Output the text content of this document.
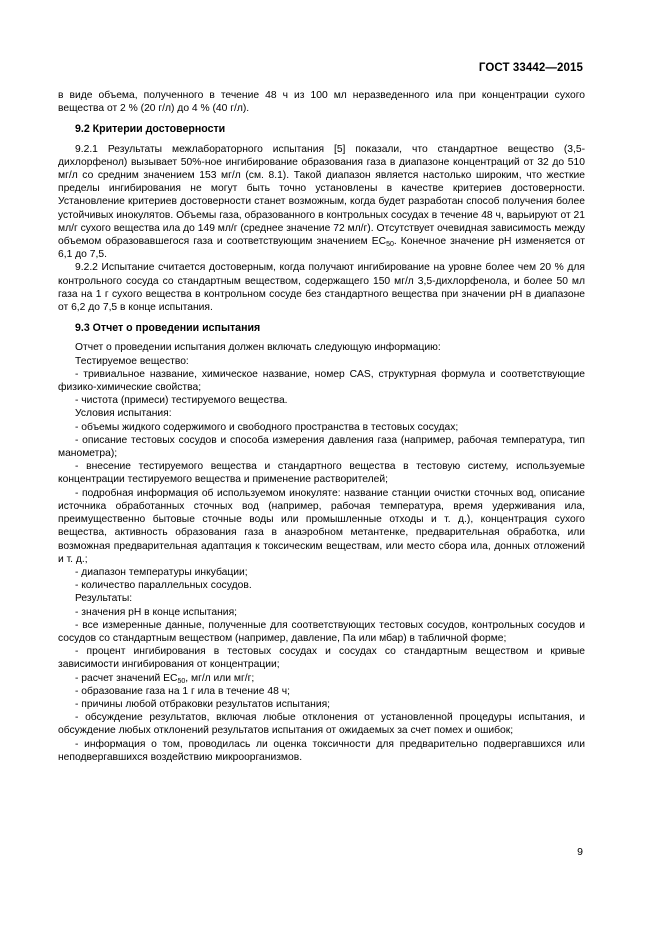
ГОСТ 33442—2015

в виде объема, полученного в течение 48 ч из 100 мл неразведенного ила при концентрации сухого вещества от 2 % (20 г/л) до 4 % (40 г/л).

9.2 Критерии достоверности

9.2.1 Результаты межлабораторного испытания [5] показали, что стандартное вещество (3,5-дихлорфенол) вызывает 50%-ное ингибирование образования газа в диапазоне концентраций от 32 до 510 мг/л со средним значением 153 мг/л (см. 8.1). Такой диапазон является настолько широким, что жесткие пределы ингибирования не могут быть точно установлены в качестве критериев достоверности. Установление критериев достоверности станет возможным, когда будет разработан способ получения более устойчивых инокулятов. Объемы газа, образованного в контрольных сосудах в течение 48 ч, варьируют от 21 мл/г сухого вещества ила до 149 мл/г (среднее значение 72 мл/г). Отсутствует очевидная зависимость между объемом образовавшегося газа и соответствующим значением $EC_{50}$. Конечное значение pH изменяется от 6,1 до 7,5.

9.2.2 Испытание считается достоверным, когда получают ингибирование на уровне более чем 20 % для контрольного сосуда со стандартным веществом, содержащего 150 мг/л 3,5-дихлорфенола, и более 50 мл газа на 1 г сухого вещества в контрольном сосуде без стандартного вещества при значении pH в диапазоне от 6,2 до 7,5 в конце испытания.

9.3 Отчет о проведении испытания

Отчет о проведении испытания должен включать следующую информацию:

Тестируемое вещество:

- тривиальное название, химическое название, номер CAS, структурная формула и соответствующие физико-химические свойства;

- чистота (примеси) тестируемого вещества.

Условия испытания:

- объемы жидкого содержимого и свободного пространства в тестовых сосудах;

- описание тестовых сосудов и способа измерения давления газа (например, рабочая температура, тип манометра);

- внесение тестируемого вещества и стандартного вещества в тестовую систему, используемые концентрации тестируемого вещества и применение растворителей;

- подробная информация об используемом инокуляте: название станции очистки сточных вод, описание источника обработанных сточных вод (например, рабочая температура, время удерживания ила, преимущественно бытовые сточные воды или промышленные отходы и т. д.), концентрация сухого вещества, активность образования газа в анаэробном метантенке, предварительная обработка, или возможная предварительная адаптация к токсическим веществам, или место сбора ила, донных отложений и т. д.;

- диапазон температуры инкубации;

- количество параллельных сосудов.

Результаты:

- значения pH в конце испытания;

- все измеренные данные, полученные для соответствующих тестовых сосудов, контрольных сосудов и сосудов со стандартным веществом (например, давление, Па или мбар) в табличной форме;

- процент ингибирования в тестовых сосудах и сосудах со стандартным веществом и кривые зависимости ингибирования от концентрации;

- расчет значений $EC_{50}$, мг/л или мг/г;

- образование газа на 1 г ила в течение 48 ч;

- причины любой отбраковки результатов испытания;

- обсуждение результатов, включая любые отклонения от установленной процедуры испытания, и обсуждение любых отклонений результатов испытания от ожидаемых за счет помех и ошибок;

- информация о том, проводилась ли оценка токсичности для предварительно подвергавшихся или неподвергавшихся воздействию микроорганизмов.

9
